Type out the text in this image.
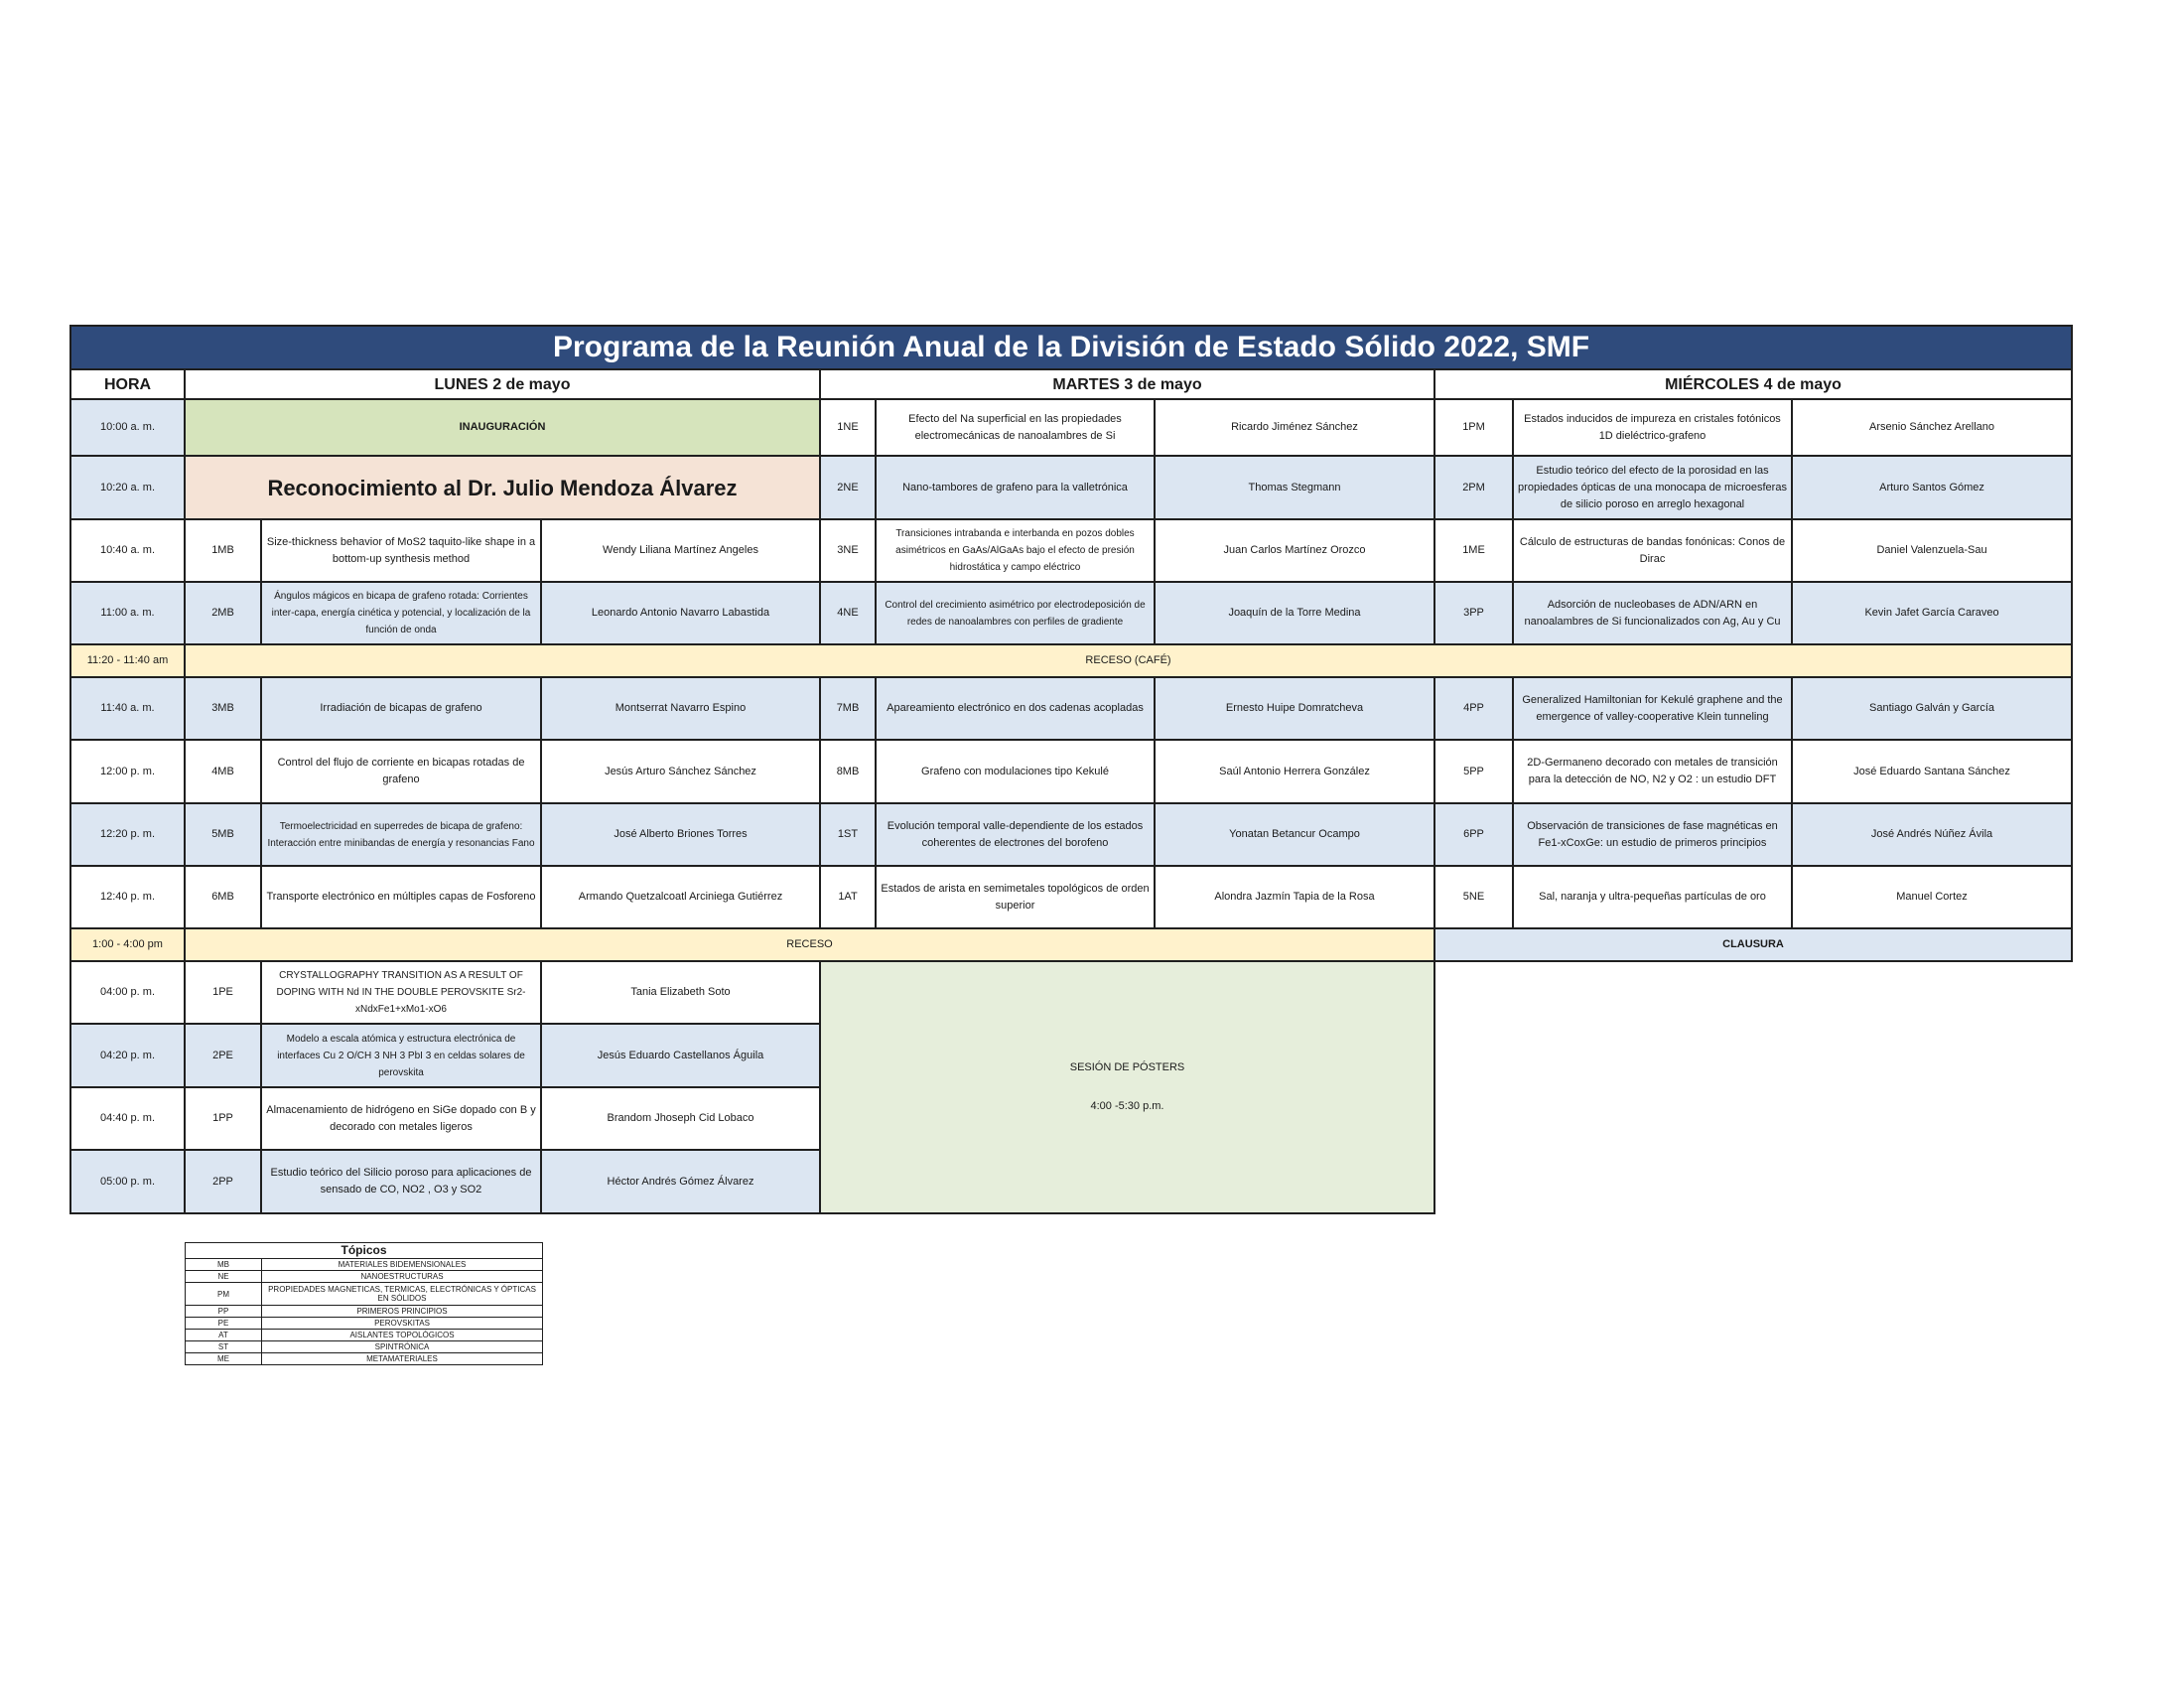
Programa de la Reunión Anual de la División de Estado Sólido 2022, SMF									
HORA	LUNES 2 de mayo			MARTES 3 de mayo			MIÉRCOLES 4 de mayo		
10:00 a. m.	INAUGURACIÓN			1NE	Efecto del Na superficial en las propiedades electromecánicas de nanoalambres de Si	Ricardo Jiménez Sánchez	1PM	Estados inducidos de impureza en cristales fotónicos 1D dieléctrico-grafeno	Arsenio Sánchez Arellano
10:20 a. m.	Reconocimiento al Dr. Julio Mendoza Álvarez			2NE	Nano-tambores de grafeno para la valletrónica	Thomas Stegmann	2PM	Estudio teórico del efecto de la porosidad en las propiedades ópticas de una monocapa de microesferas de silicio poroso en arreglo hexagonal	Arturo Santos Gómez
10:40 a. m.	1MB	Size-thickness behavior of MoS2 taquito-like shape in a bottom-up synthesis method	Wendy Liliana Martínez Angeles	3NE	Transiciones intrabanda e interbanda en pozos dobles asimétricos en GaAs/AlGaAs bajo el efecto de presión hidrostática y campo eléctrico	Juan Carlos Martínez Orozco	1ME	Cálculo de estructuras de bandas fonónicas: Conos de Dirac	Daniel Valenzuela-Sau
11:00 a. m.	2MB	Ángulos mágicos en bicapa de grafeno rotada: Corrientes inter-capa, energía cinética y potencial, y localización de la función de onda	Leonardo Antonio Navarro Labastida	4NE	Control del crecimiento asimétrico por electrodeposición de redes de nanoalambres con perfiles de gradiente	Joaquín de la Torre Medina	3PP	Adsorción de nucleobases de ADN/ARN en nanoalambres de Si funcionalizados con Ag, Au y Cu	Kevin Jafet García Caraveo
11:20 - 11:40 am	RECESO (CAFÉ)								
11:40 a. m.	3MB	Irradiación de bicapas de grafeno	Montserrat Navarro Espino	7MB	Apareamiento electrónico en dos cadenas acopladas	Ernesto Huipe Domratcheva	4PP	Generalized Hamiltonian for Kekulé graphene and the emergence of valley-cooperative Klein tunneling	Santiago Galván y García
12:00 p. m.	4MB	Control del flujo de corriente en bicapas rotadas de grafeno	Jesús Arturo Sánchez Sánchez	8MB	Grafeno con modulaciones tipo Kekulé	Saúl Antonio Herrera González	5PP	2D-Germaneno decorado con metales de transición para la detección de NO, N2 y O2 : un estudio DFT	José Eduardo Santana Sánchez
12:20 p. m.	5MB	Termoelectricidad en superredes de bicapa de grafeno: Interacción entre minibandas de energía y resonancias Fano	José Alberto Briones Torres	1ST	Evolución temporal valle-dependiente de los estados coherentes de electrones del borofeno	Yonatan Betancur Ocampo	6PP	Observación de transiciones de fase magnéticas en Fe1-xCoxGe: un estudio de primeros principios	José Andrés Núñez Ávila
12:40 p. m.	6MB	Transporte electrónico en múltiples capas de Fosforeno	Armando Quetzalcoatl Arciniega Gutiérrez	1AT	Estados de arista en semimetales topológicos de orden superior	Alondra Jazmín Tapia de la Rosa	5NE	Sal, naranja y ultra-pequeñas partículas de oro	Manuel Cortez
1:00 - 4:00 pm	RECESO						CLAUSURA		
04:00 p. m.	1PE	CRYSTALLOGRAPHY TRANSITION AS A RESULT OF DOPING WITH Nd IN THE DOUBLE PEROVSKITE Sr2-xNdxFe1+xMo1-xO6	Tania Elizabeth Soto	SESIÓN DE PÓSTERS
4:00 -5:30 p.m.					
04:20 p. m.	2PE	Modelo a escala atómica y estructura electrónica de interfaces Cu 2 O/CH 3 NH 3 PbI 3 en celdas solares de perovskita	Jesús Eduardo Castellanos Águila						
04:40 p. m.	1PP	Almacenamiento de hidrógeno en SiGe dopado con B y decorado con metales ligeros	Brandom Jhoseph Cid Lobaco						
05:00 p. m.	2PP	Estudio teórico del Silicio poroso para aplicaciones de sensado de CO, NO2 , O3 y SO2	Héctor Andrés Gómez Álvarez						
Tópicos	
MB	MATERIALES BIDEMENSIONALES
NE	NANOESTRUCTURAS
PM	PROPIEDADES MAGNETICAS, TERMICAS, ELECTRÓNICAS Y ÓPTICAS EN SÓLIDOS
PP	PRIMEROS PRINCIPIOS
PE	PEROVSKITAS
AT	AISLANTES TOPOLÓGICOS
ST	SPINTRÓNICA
ME	METAMATERIALES
